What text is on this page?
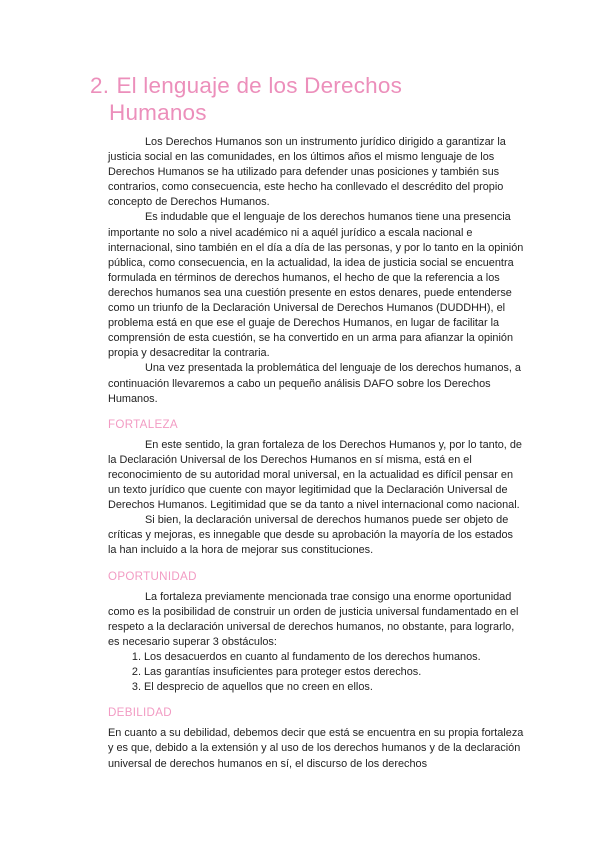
2. El lenguaje de los Derechos
Humanos

Los Derechos Humanos son un instrumento jurídico dirigido a garantizar la justicia social en las comunidades, en los últimos años el mismo lenguaje de los Derechos Humanos se ha utilizado para defender unas posiciones y también sus contrarios, como consecuencia, este hecho ha conllevado el descrédito del propio concepto de Derechos Humanos.

Es indudable que el lenguaje de los derechos humanos tiene una presencia importante no solo a nivel académico ni a aquél jurídico a escala nacional e internacional, sino también en el día a día de las personas, y por lo tanto en la opinión pública, como consecuencia, en la actualidad, la idea de justicia social se encuentra formulada en términos de derechos humanos, el hecho de que la referencia a los derechos humanos sea una cuestión presente en estos denares, puede entenderse como un triunfo de la Declaración Universal de Derechos Humanos (DUDDHH), el problema está en que ese el guaje de Derechos Humanos, en lugar de facilitar la comprensión de esta cuestión, se ha convertido en un arma para afianzar la opinión propia y desacreditar la contraria.

Una vez presentada la problemática del lenguaje de los derechos humanos, a continuación llevaremos a cabo un pequeño análisis DAFO sobre los Derechos Humanos.

FORTALEZA

En este sentido, la gran fortaleza de los Derechos Humanos y, por lo tanto, de la Declaración Universal de los Derechos Humanos en sí misma, está en el reconocimiento de su autoridad moral universal, en la actualidad es difícil pensar en un texto jurídico que cuente con mayor legitimidad que la Declaración Universal de Derechos Humanos. Legitimidad que se da tanto a nivel internacional como nacional.

Si bien, la declaración universal de derechos humanos puede ser objeto de críticas y mejoras, es innegable que desde su aprobación la mayoría de los estados la han incluido a la hora de mejorar sus constituciones.

OPORTUNIDAD

La fortaleza previamente mencionada trae consigo una enorme oportunidad como es la posibilidad de construir un orden de justicia universal fundamentado en el respeto a la declaración universal de derechos humanos, no obstante, para lograrlo, es necesario superar 3 obstáculos:

1. Los desacuerdos en cuanto al fundamento de los derechos humanos.
2. Las garantías insuficientes para proteger estos derechos.
3. El desprecio de aquellos que no creen en ellos.
DEBILIDAD

En cuanto a su debilidad, debemos decir que está se encuentra en su propia fortaleza y es que, debido a la extensión y al uso de los derechos humanos y de la declaración universal de derechos humanos en sí, el discurso de los derechos
